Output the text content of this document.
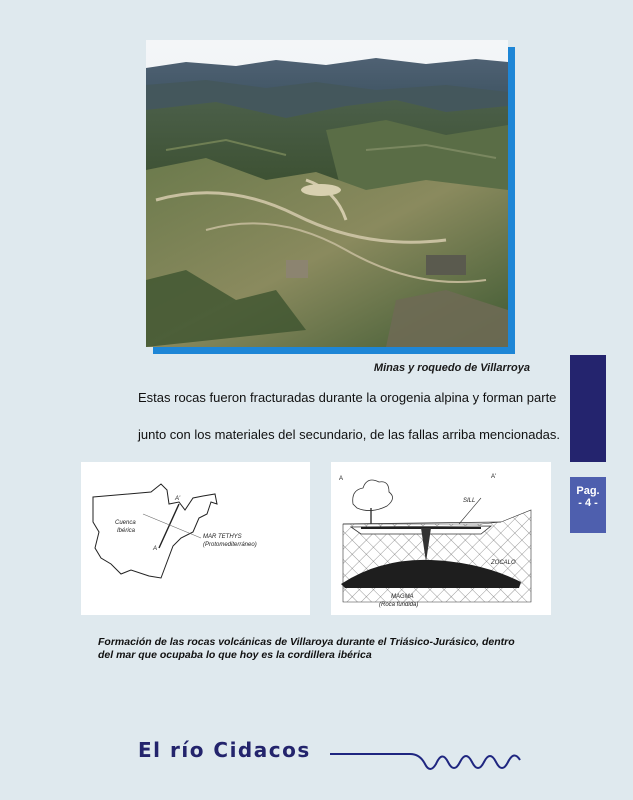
Minas y roquedo de Villarroya
Estas rocas fueron fracturadas durante la orogenia alpina y forman parte
junto con los materiales del secundario, de las fallas arriba mencionadas.
Pag.
- 4 -
Cuenca
Ibérica
MAR TETHYS
(Protomediterráneo)
A
A'
A	A'
SILL
ZOCALO
MAGMA
(Roca fundida)
Formación de las rocas volcánicas de Villaroya durante el Triásico-Jurásico, dentro del mar que ocupaba lo que hoy es la cordillera ibérica
El río Cidacos
